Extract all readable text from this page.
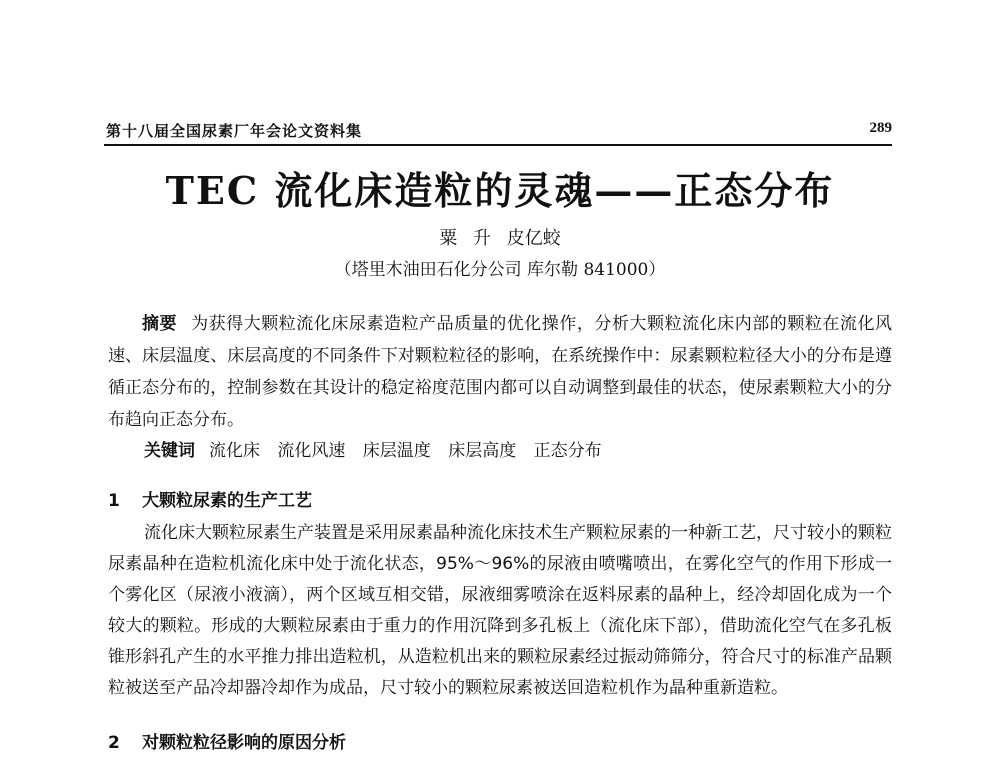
第十八届全国尿素厂年会论文资料集	289
TEC 流化床造粒的灵魂——正态分布
粟 升 皮亿蛟
（塔里木油田石化分公司 库尔勒 841000）
摘要 为获得大颗粒流化床尿素造粒产品质量的优化操作，分析大颗粒流化床内部的颗粒在流化风速、床层温度、床层高度的不同条件下对颗粒粒径的影响，在系统操作中：尿素颗粒粒径大小的分布是遵循正态分布的，控制参数在其设计的稳定裕度范围内都可以自动调整到最佳的状态，使尿素颗粒大小的分布趋向正态分布。
关键词 流化床 流化风速 床层温度 床层高度 正态分布
1 大颗粒尿素的生产工艺
流化床大颗粒尿素生产装置是采用尿素晶种流化床技术生产颗粒尿素的一种新工艺，尺寸较小的颗粒尿素晶种在造粒机流化床中处于流化状态，95%～96%的尿液由喷嘴喷出，在雾化空气的作用下形成一个雾化区（尿液小液滴），两个区域互相交错，尿液细雾喷涂在返料尿素的晶种上，经冷却固化成为一个较大的颗粒。形成的大颗粒尿素由于重力的作用沉降到多孔板上（流化床下部），借助流化空气在多孔板锥形斜孔产生的水平推力排出造粒机，从造粒机出来的颗粒尿素经过振动筛筛分，符合尺寸的标准产品颗粒被送至产品冷却器冷却作为成品，尺寸较小的颗粒尿素被送回造粒机作为晶种重新造粒。
2 对颗粒粒径影响的原因分析
